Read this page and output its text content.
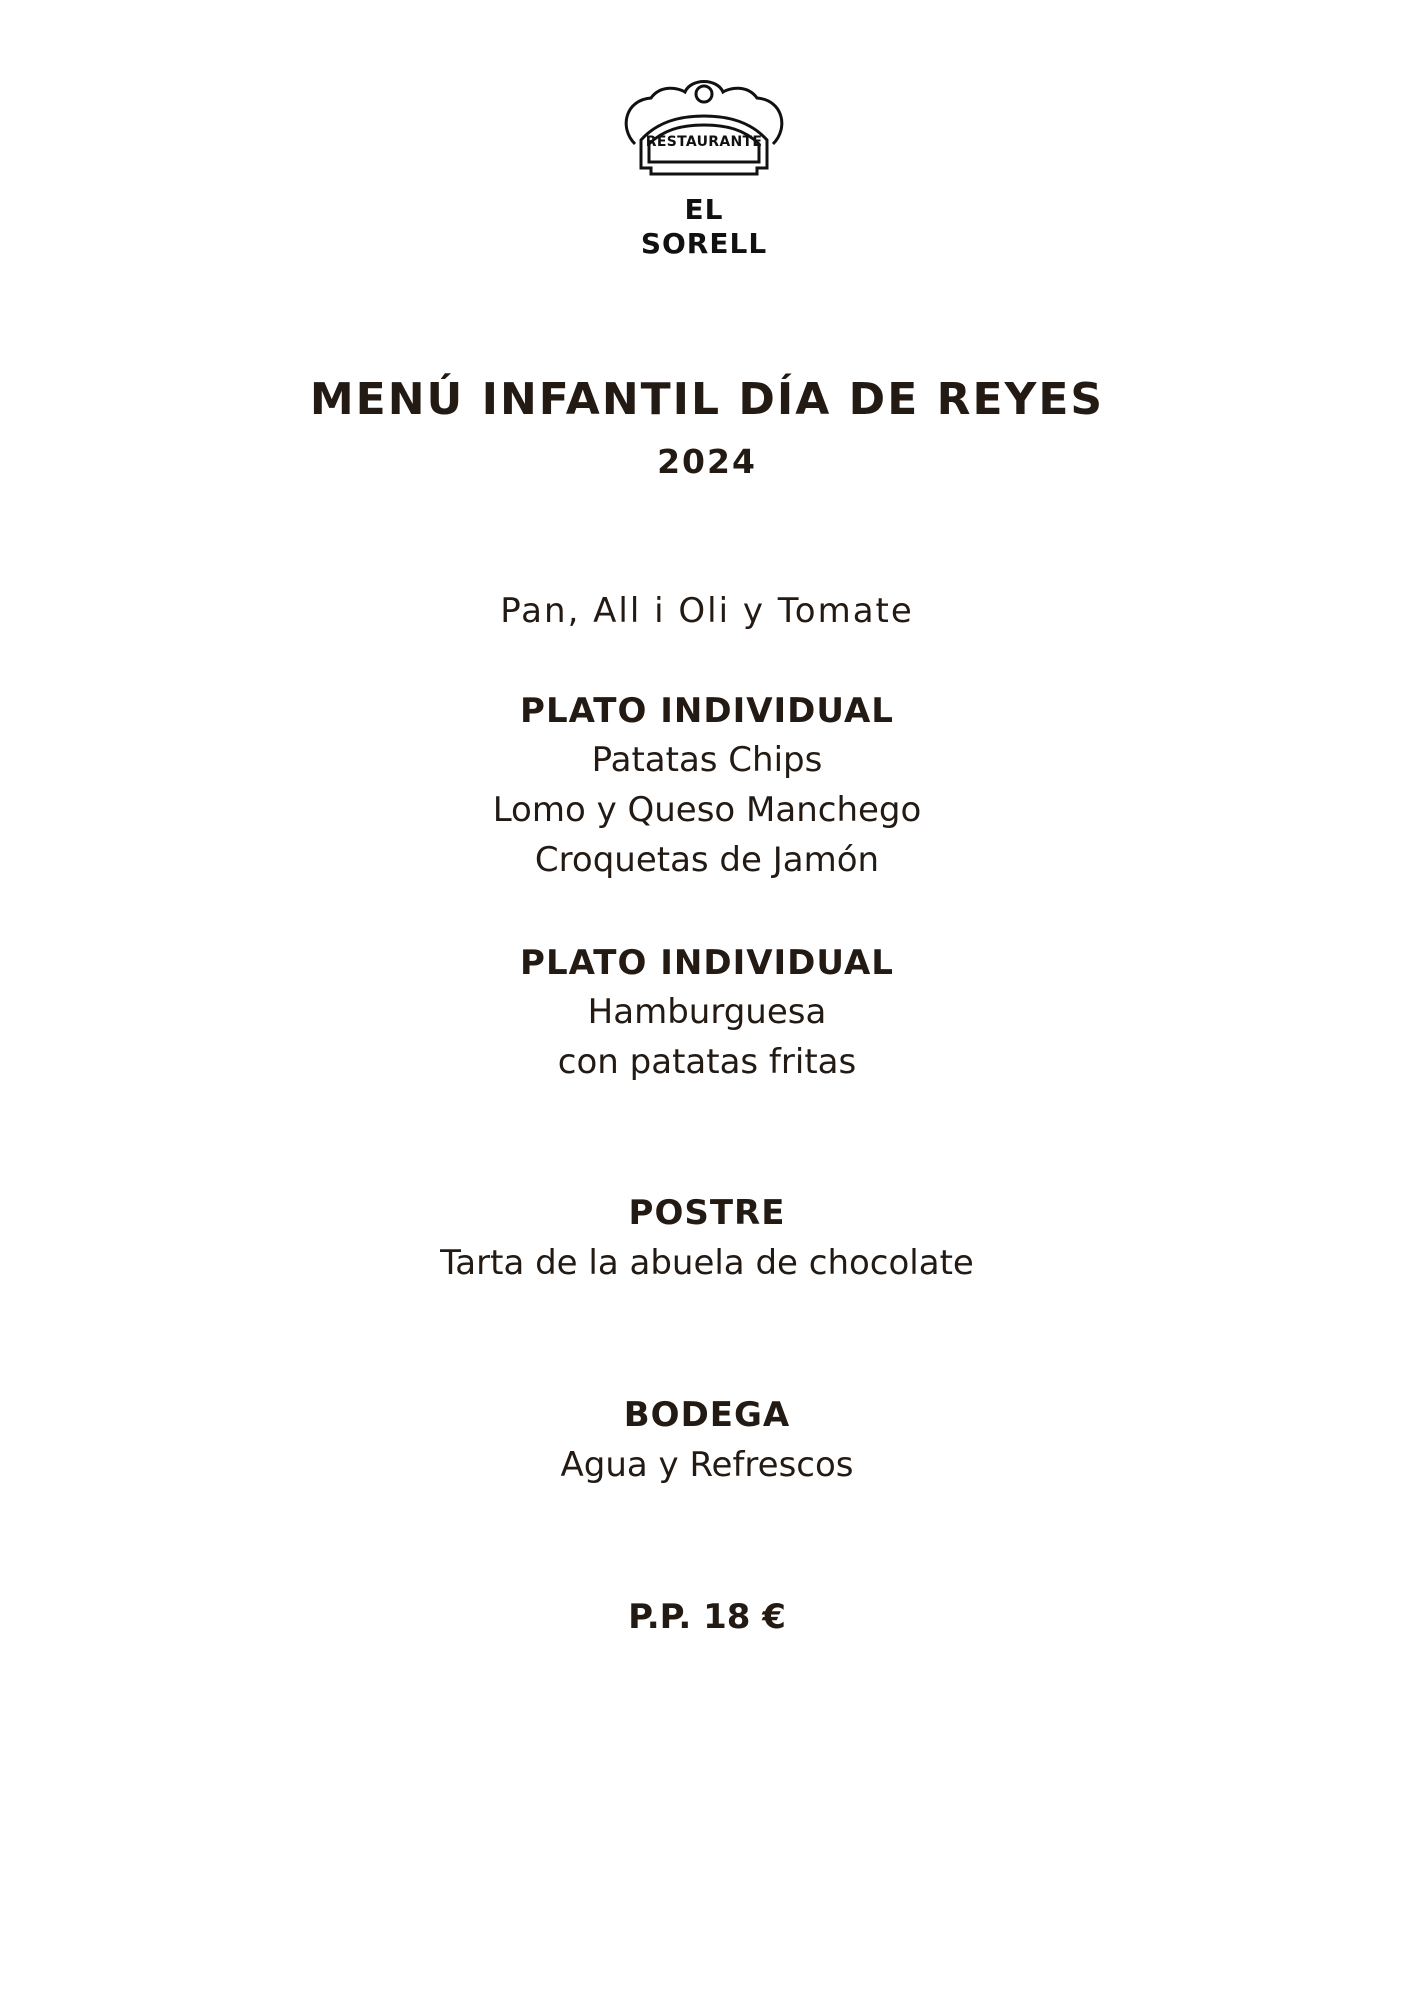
RESTAURANTE
EL SORELL
MENÚ INFANTIL DÍA DE REYES
2024
Pan, All i Oli y Tomate
PLATO INDIVIDUAL
Patatas Chips
Lomo y Queso Manchego
Croquetas de Jamón
PLATO INDIVIDUAL
Hamburguesa
con patatas fritas
POSTRE
Tarta de la abuela de chocolate
BODEGA
Agua y Refrescos
P.P. 18 €
